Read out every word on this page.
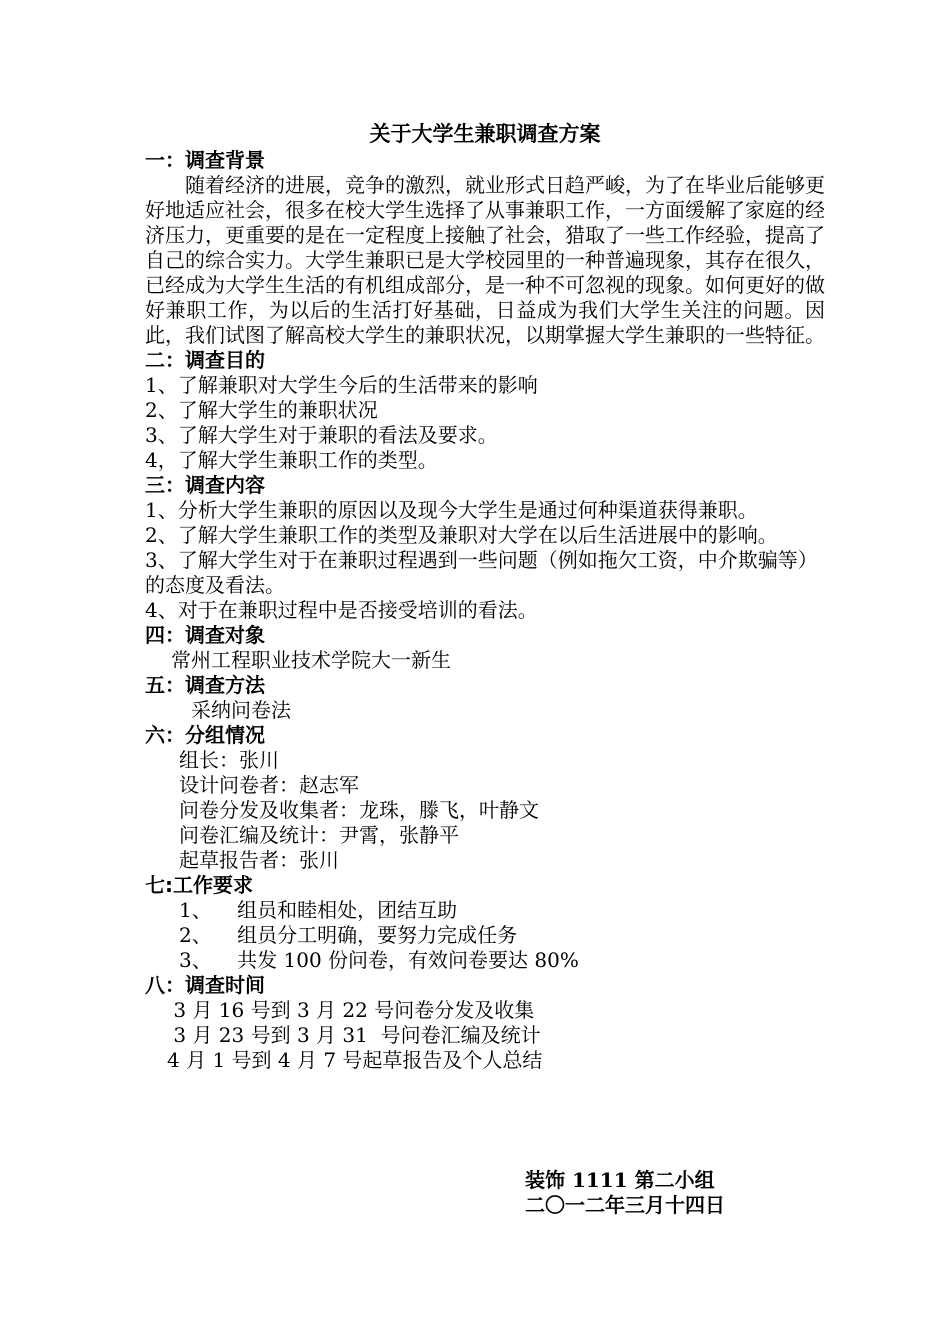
关于大学生兼职调查方案
一：调查背景
随着经济的进展，竞争的激烈，就业形式日趋严峻，为了在毕业后能够更好地适应社会，很多在校大学生选择了从事兼职工作，一方面缓解了家庭的经济压力，更重要的是在一定程度上接触了社会，猎取了一些工作经验，提高了自己的综合实力。大学生兼职已是大学校园里的一种普遍现象，其存在很久，已经成为大学生生活的有机组成部分，是一种不可忽视的现象。如何更好的做好兼职工作，为以后的生活打好基础，日益成为我们大学生关注的问题。因此，我们试图了解高校大学生的兼职状况，以期掌握大学生兼职的一些特征。
二：调查目的
1、了解兼职对大学生今后的生活带来的影响
2、了解大学生的兼职状况
3、了解大学生对于兼职的看法及要求。
4，了解大学生兼职工作的类型。
三：调查内容
1、分析大学生兼职的原因以及现今大学生是通过何种渠道获得兼职。
2、了解大学生兼职工作的类型及兼职对大学在以后生活进展中的影响。
3、了解大学生对于在兼职过程遇到一些问题（例如拖欠工资，中介欺骗等）的态度及看法。
4、对于在兼职过程中是否接受培训的看法。
四：调查对象
常州工程职业技术学院大一新生
五：调查方法
采纳问卷法
六：分组情况
组长：张川
设计问卷者：赵志军
问卷分发及收集者：龙珠，滕飞，叶静文
问卷汇编及统计：尹霄，张静平
起草报告者：张川
七:工作要求
1、    组员和睦相处，团结互助
2、    组员分工明确，要努力完成任务
3、    共发 100 份问卷，有效问卷要达 80%
八：调查时间
3 月 16 号到 3 月 22 号问卷分发及收集
3 月 23 号到 3 月 31  号问卷汇编及统计
4 月 1 号到 4 月 7 号起草报告及个人总结
装饰 1111 第二小组
二〇一二年三月十四日
